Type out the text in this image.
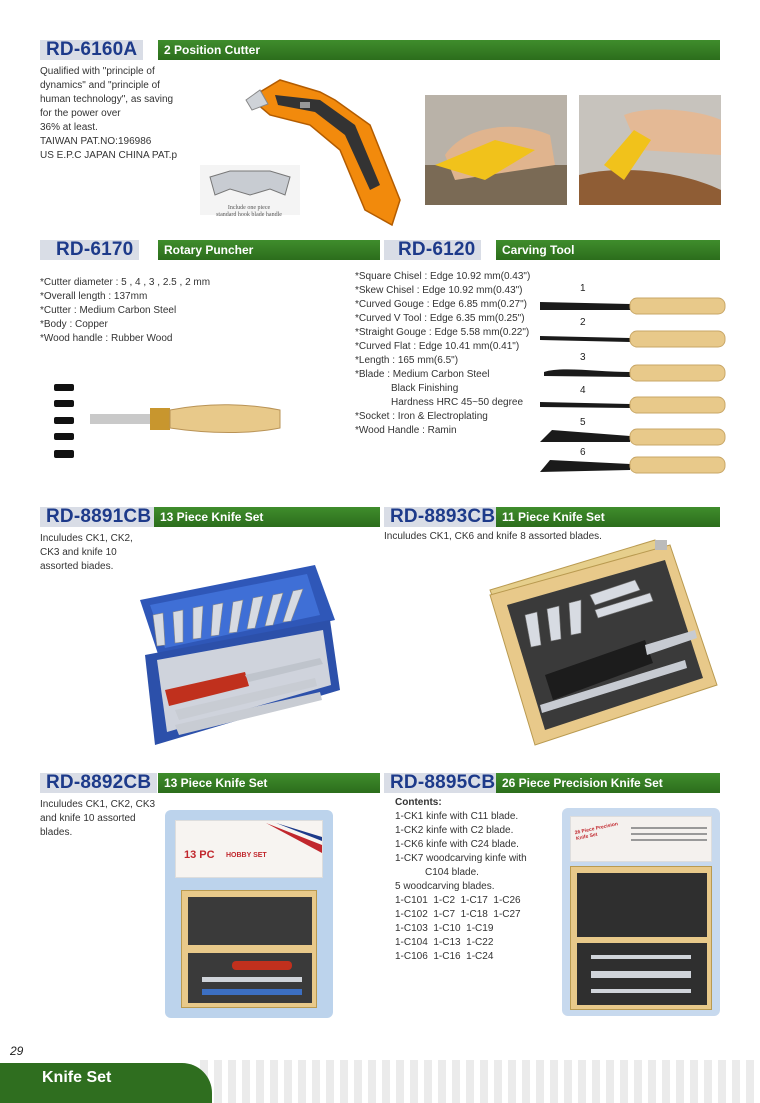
RD-6160A	2 Position Cutter
Qualified with "principle of
dynamics" and "principle of
human technology", as saving
for the power over
36% at least.
TAIWAN PAT.NO:196986
US E.P.C JAPAN CHINA PAT.p
Include one piece
standard hook blade handle
RD-6170	Rotary Puncher
*Cutter diameter : 5 , 4 , 3 , 2.5 , 2 mm
*Overall length : 137mm
*Cutter : Medium Carbon Steel
*Body : Copper
*Wood handle : Rubber Wood
RD-6120	Carving Tool
*Square Chisel : Edge 10.92 mm(0.43")
*Skew Chisel : Edge 10.92 mm(0.43")
*Curved Gouge : Edge 6.85 mm(0.27")
*Curved V Tool : Edge 6.35 mm(0.25")
*Straight Gouge : Edge 5.58 mm(0.22")
*Curved Flat : Edge 10.41 mm(0.41")
*Length : 165 mm(6.5")
*Blade : Medium Carbon Steel
Black Finishing
Hardness HRC 45~50 degree
*Socket : Iron & Electroplating
*Wood Handle : Ramin
1
2
3
4
5
6
RD-8891CB 13 Piece Knife Set
Inculudes CK1, CK2,
CK3 and knife 10
assorted biades.
RD-8893CB 11 Piece Knife Set
Inculudes CK1, CK6 and knife 8 assorted blades.
RD-8892CB	13 Piece Knife Set
Inculudes CK1, CK2, CK3
and knife 10 assorted
blades.
13 PC HOBBY SET
RD-8895CB 26 Piece Precision Knife Set
Contents:
1-CK1 kinfe with C11 blade.
1-CK2 kinfe with C2 blade.
1-CK6 kinfe with C24 blade.
1-CK7 woodcarving kinfe with
C104 blade.
5 woodcarving blades.
1-C101  1-C2  1-C17  1-C26
1-C102  1-C7  1-C18  1-C27
1-C103  1-C10  1-C19
1-C104  1-C13  1-C22
1-C106  1-C16  1-C24
26 Piece Precision Knife Set
29
Knife Set
